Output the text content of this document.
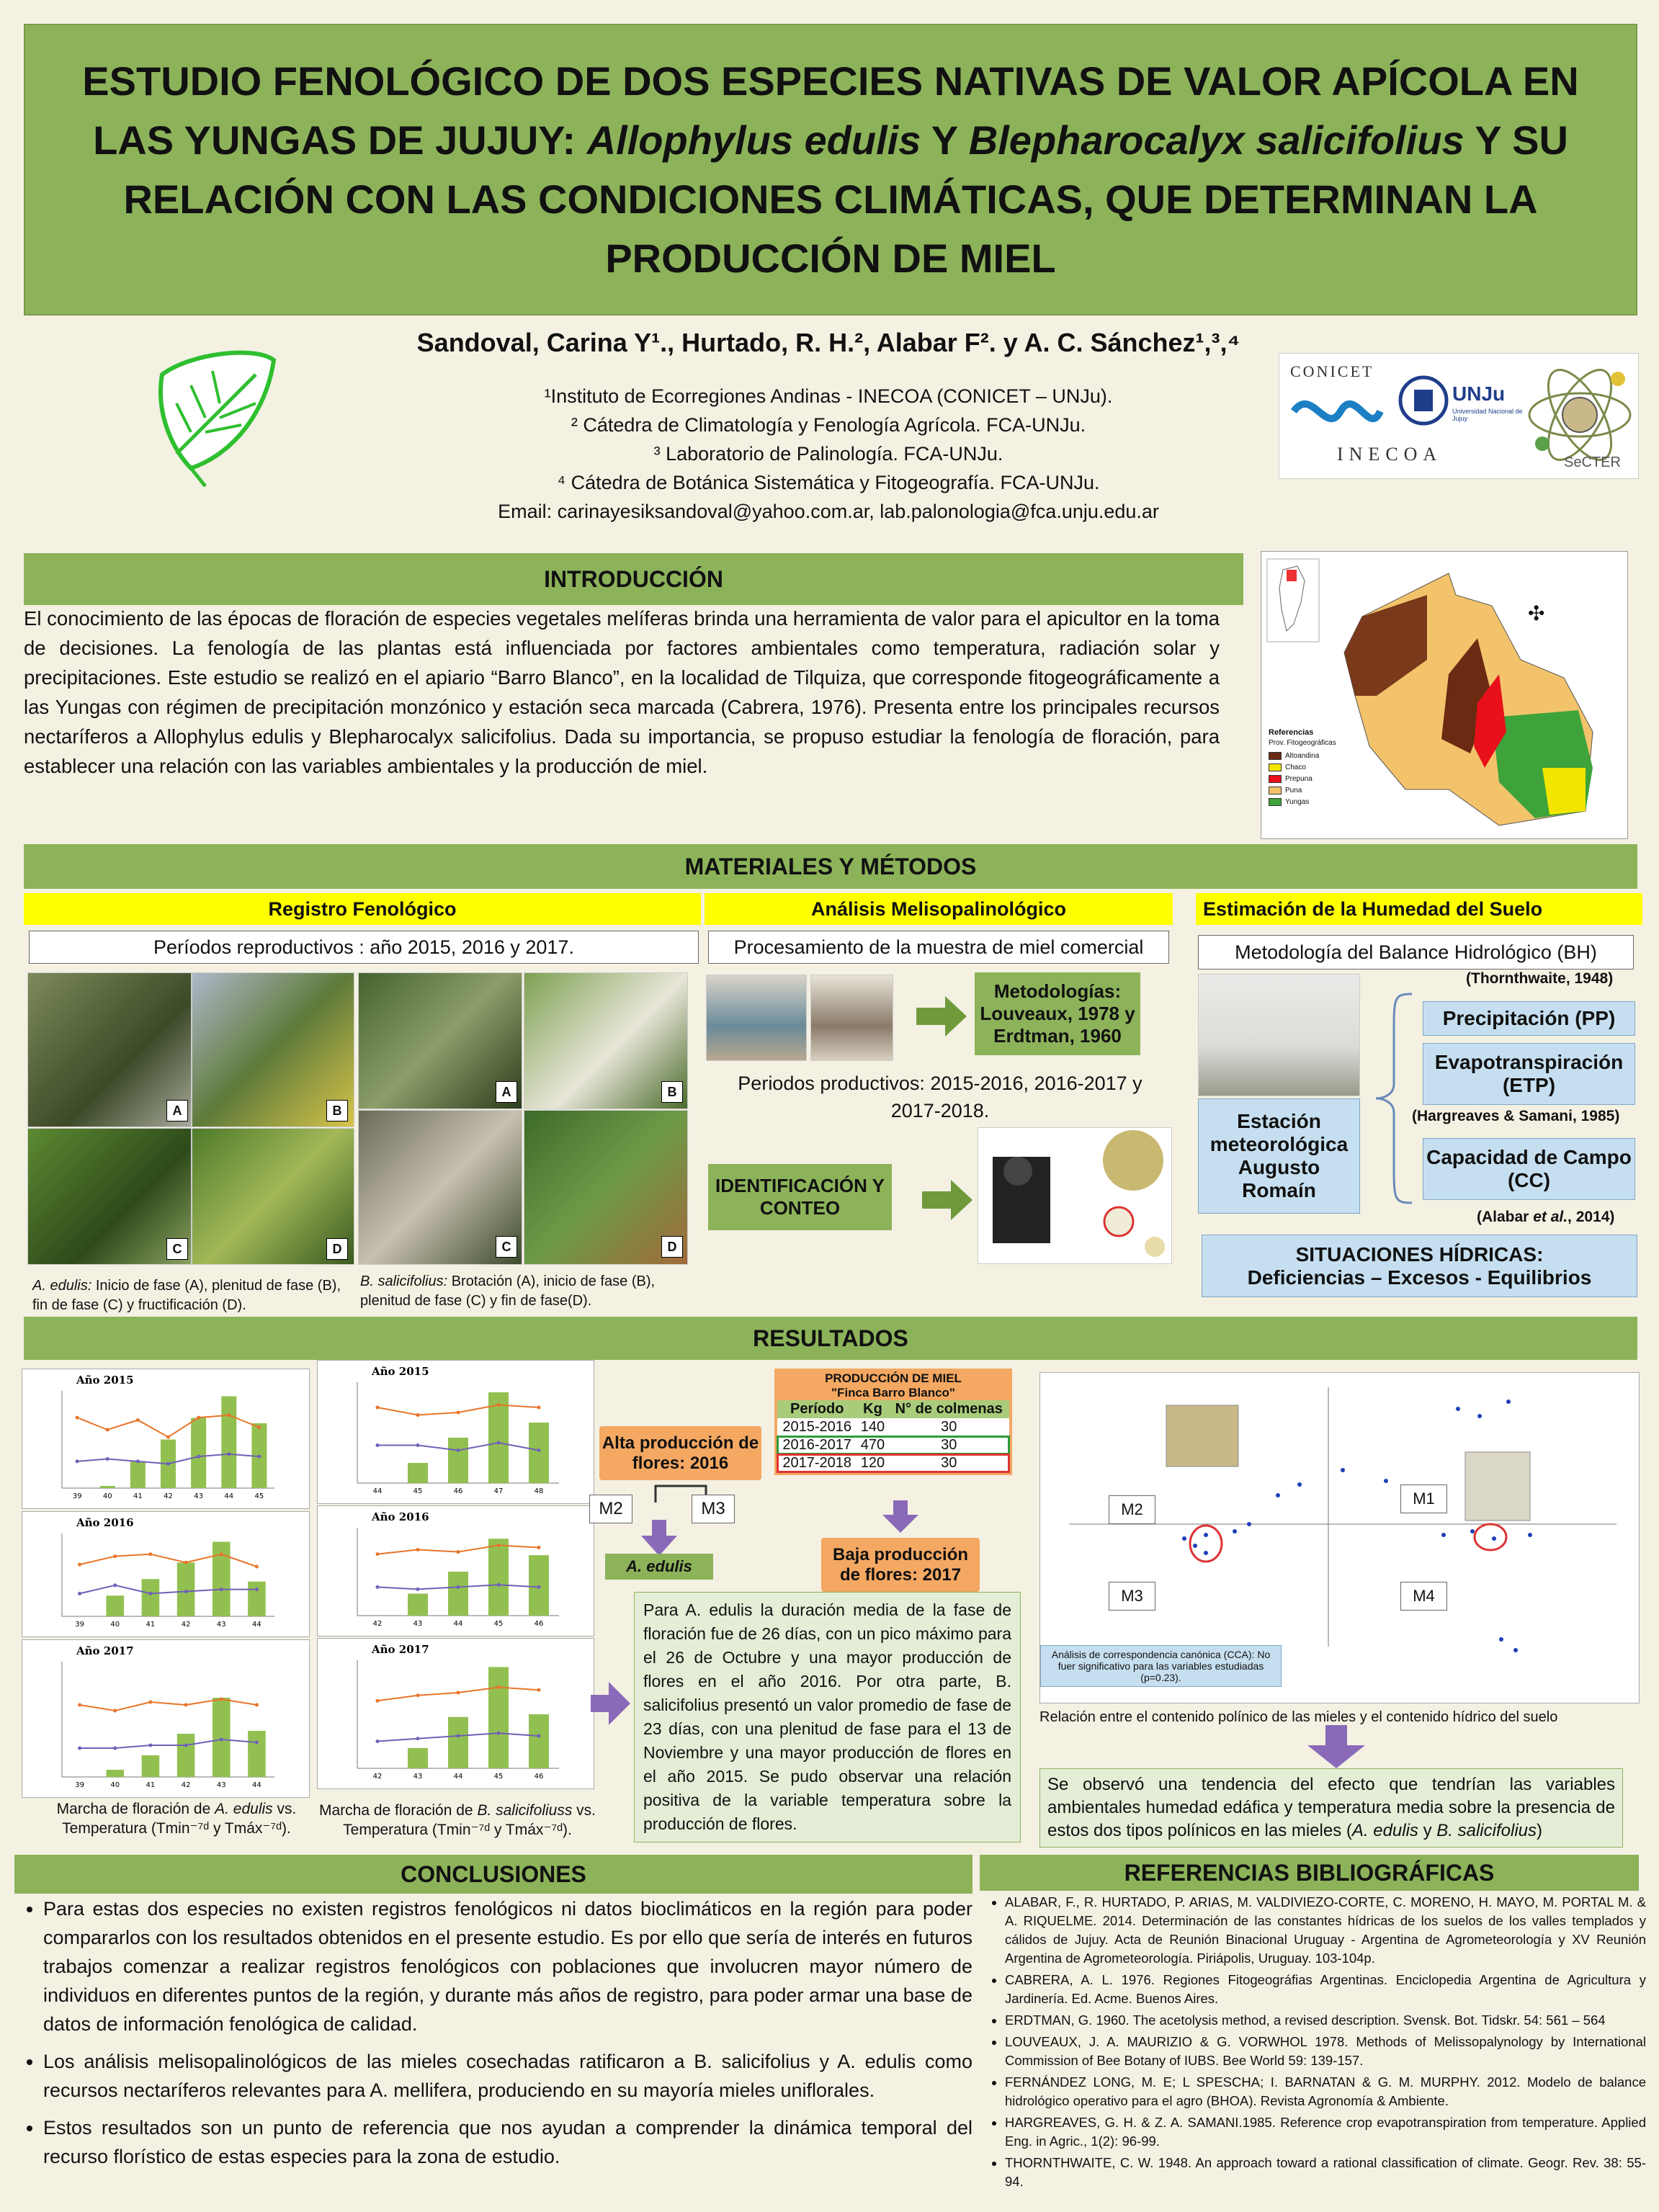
ESTUDIO FENOLÓGICO DE DOS ESPECIES NATIVAS DE VALOR APÍCOLA EN LAS YUNGAS DE JUJUY: Allophylus edulis Y Blepharocalyx salicifolius Y SU RELACIÓN CON LAS CONDICIONES CLIMÁTICAS, QUE DETERMINAN LA PRODUCCIÓN DE MIEL
Sandoval, Carina Y¹., Hurtado, R. H.², Alabar F². y A. C. Sánchez¹,³,⁴
¹Instituto de Ecorregiones Andinas - INECOA (CONICET – UNJu).
² Cátedra de Climatología y Fenología Agrícola. FCA-UNJu.
³ Laboratorio de Palinología. FCA-UNJu.
⁴ Cátedra de Botánica Sistemática y Fitogeografía. FCA-UNJu.
Email: carinayesiksandoval@yahoo.com.ar, lab.palonologia@fca.unju.edu.ar
CONICET
UNJu
Universidad Nacional de Jujuy
INECOA	SeCTER
INTRODUCCIÓN
El conocimiento de las épocas de floración de especies vegetales melíferas brinda una herramienta de valor para el apicultor en la toma de decisiones. La fenología de las plantas está influenciada por factores ambientales como temperatura, radiación solar y precipitaciones. Este estudio se realizó en el apiario “Barro Blanco”, en la localidad de Tilquiza, que corresponde fitogeográficamente a las Yungas con régimen de precipitación monzónico y estación seca marcada (Cabrera, 1976). Presenta entre los principales recursos nectaríferos a Allophylus edulis y Blepharocalyx salicifolius. Dada su importancia, se propuso estudiar la fenología de floración, para establecer una relación con las variables ambientales y la producción de miel.
✣
Referencias
Prov. Fitogeográficas
Altoandina
Chaco
Prepuna
Puna
Yungas
MATERIALES Y MÉTODOS
Registro Fenológico
Períodos reproductivos : año 2015, 2016 y 2017.
A	B
C	D
A. edulis: Inicio de fase (A), plenitud de fase (B), fin de fase (C) y fructificación (D).
A	B
C	D
B. salicifolius: Brotación (A), inicio de fase (B), plenitud de fase (C) y fin de fase(D).
Análisis Melisopalinológico
Procesamiento de la muestra de miel comercial
Metodologías: Louveaux, 1978 y Erdtman, 1960
Periodos productivos: 2015-2016, 2016-2017 y 2017-2018.
IDENTIFICACIÓN Y CONTEO
Estimación de la Humedad del Suelo
Metodología del Balance Hidrológico (BH)
(Thornthwaite, 1948)
Estación meteorológica Augusto Romaín
Precipitación (PP)
Evapotranspiración (ETP)
(Hargreaves & Samani, 1985)
Capacidad de Campo (CC)
(Alabar et al., 2014)
SITUACIONES HÍDRICAS:
Deficiencias – Excesos - Equilibrios
RESULTADOS
Año 2015
39	40	41	42	43	44	45
Año 2016
39	40	41	42	43	44
Año 2017
39	40	41	42	43	44
Marcha de floración de A. edulis vs. Temperatura (Tmin⁻⁷ᵈ y Tmáx⁻⁷ᵈ).
Año 2015
44	45	46	47	48
Año 2016
42	43	44	45	46
Año 2017
42	43	44	45	46
Marcha de floración de B. salicifoliuss vs. Temperatura (Tmin⁻⁷ᵈ y Tmáx⁻⁷ᵈ).
PRODUCCIÓN DE MIEL
"Finca Barro Blanco"
Período	Kg	N° de colmenas
2015-2016	140	30
2016-2017	470	30
2017-2018	120	30
Alta producción de flores: 2016
M2	M3
A. edulis
Baja producción de flores: 2017
Para A. edulis la duración media de la fase de floración fue de 26 días, con un pico máximo para el 26 de Octubre y una mayor producción de flores en el año 2016. Por otra parte, B. salicifolius presentó un valor promedio de fase de 23 días, con una plenitud de fase para el 13 de Noviembre y una mayor producción de flores en el año 2015. Se pudo observar una relación positiva de la variable temperatura sobre la producción de flores.
M2
M1
M3	M4
Análisis de correspondencia canónica (CCA): No fuer significativo para las variables estudiadas (p=0.23).
Relación entre el contenido polínico de las mieles y el contenido hídrico del suelo
Se observó una tendencia del efecto que tendrían las variables ambientales humedad edáfica y temperatura media sobre la presencia de estos dos tipos polínicos en las mieles (A. edulis y B. salicifolius)
CONCLUSIONES
• Para estas dos especies no existen registros fenológicos ni datos bioclimáticos en la región para poder compararlos con los resultados obtenidos en el presente estudio. Es por ello que sería de interés en futuros trabajos comenzar a realizar registros fenológicos con poblaciones que involucren mayor número de individuos en diferentes puntos de la región, y durante más años de registro, para poder armar una base de datos de información fenológica de calidad.
• Los análisis melisopalinológicos de las mieles cosechadas ratificaron a B. salicifolius y A. edulis como recursos nectaríferos relevantes para A. mellifera, produciendo en su mayoría mieles uniflorales.
• Estos resultados son un punto de referencia que nos ayudan a comprender la dinámica temporal del recurso florístico de estas especies para la zona de estudio.
REFERENCIAS BIBLIOGRÁFICAS
• ALABAR, F., R. HURTADO, P. ARIAS, M. VALDIVIEZO-CORTE, C. MORENO, H. MAYO, M. PORTAL M. & A. RIQUELME. 2014. Determinación de las constantes hídricas de los suelos de los valles templados y cálidos de Jujuy. Acta de Reunión Binacional Uruguay - Argentina de Agrometeorología y XV Reunión Argentina de Agrometeorología. Piriápolis, Uruguay. 103-104p.
• CABRERA, A. L. 1976. Regiones Fitogeográfias Argentinas. Enciclopedia Argentina de Agricultura y Jardinería. Ed. Acme. Buenos Aires.
• ERDTMAN, G. 1960. The acetolysis method, a revised description. Svensk. Bot. Tidskr. 54: 561 – 564
• LOUVEAUX, J. A. MAURIZIO & G. VORWHOL 1978. Methods of Melissopalynology by International Commission of Bee Botany of IUBS. Bee World 59: 139-157.
• FERNÁNDEZ LONG, M. E; L SPESCHA; I. BARNATAN & G. M. MURPHY. 2012. Modelo de balance hidrológico operativo para el agro (BHOA). Revista Agronomía & Ambiente.
• HARGREAVES, G. H. & Z. A. SAMANI.1985. Reference crop evapotranspiration from temperature. Applied Eng. in Agric., 1(2): 96-99.
• THORNTHWAITE, C. W. 1948. An approach toward a rational classification of climate. Geogr. Rev. 38: 55-94.
